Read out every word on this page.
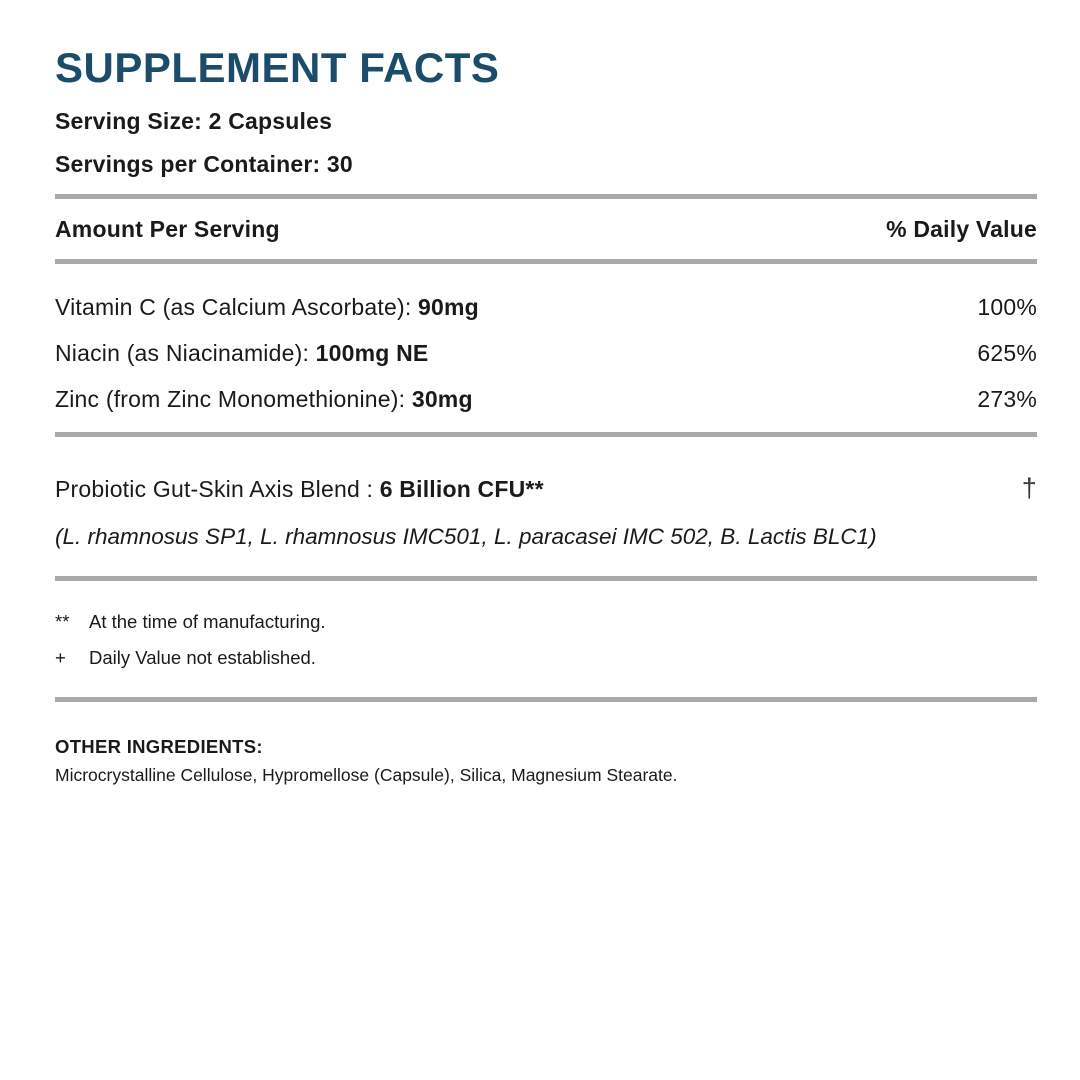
SUPPLEMENT FACTS
Serving Size: 2 Capsules
Servings per Container: 30
Amount Per Serving	% Daily Value
Vitamin C (as Calcium Ascorbate): 90mg	100%
Niacin (as Niacinamide): 100mg NE	625%
Zinc (from Zinc Monomethionine): 30mg	273%
Probiotic Gut-Skin Axis Blend : 6 Billion CFU**	†
(L. rhamnosus SP1, L. rhamnosus IMC501, L. paracasei IMC 502, B. Lactis BLC1)
**	At the time of manufacturing.
+	Daily Value not established.
OTHER INGREDIENTS:
Microcrystalline Cellulose, Hypromellose (Capsule), Silica, Magnesium Stearate.
